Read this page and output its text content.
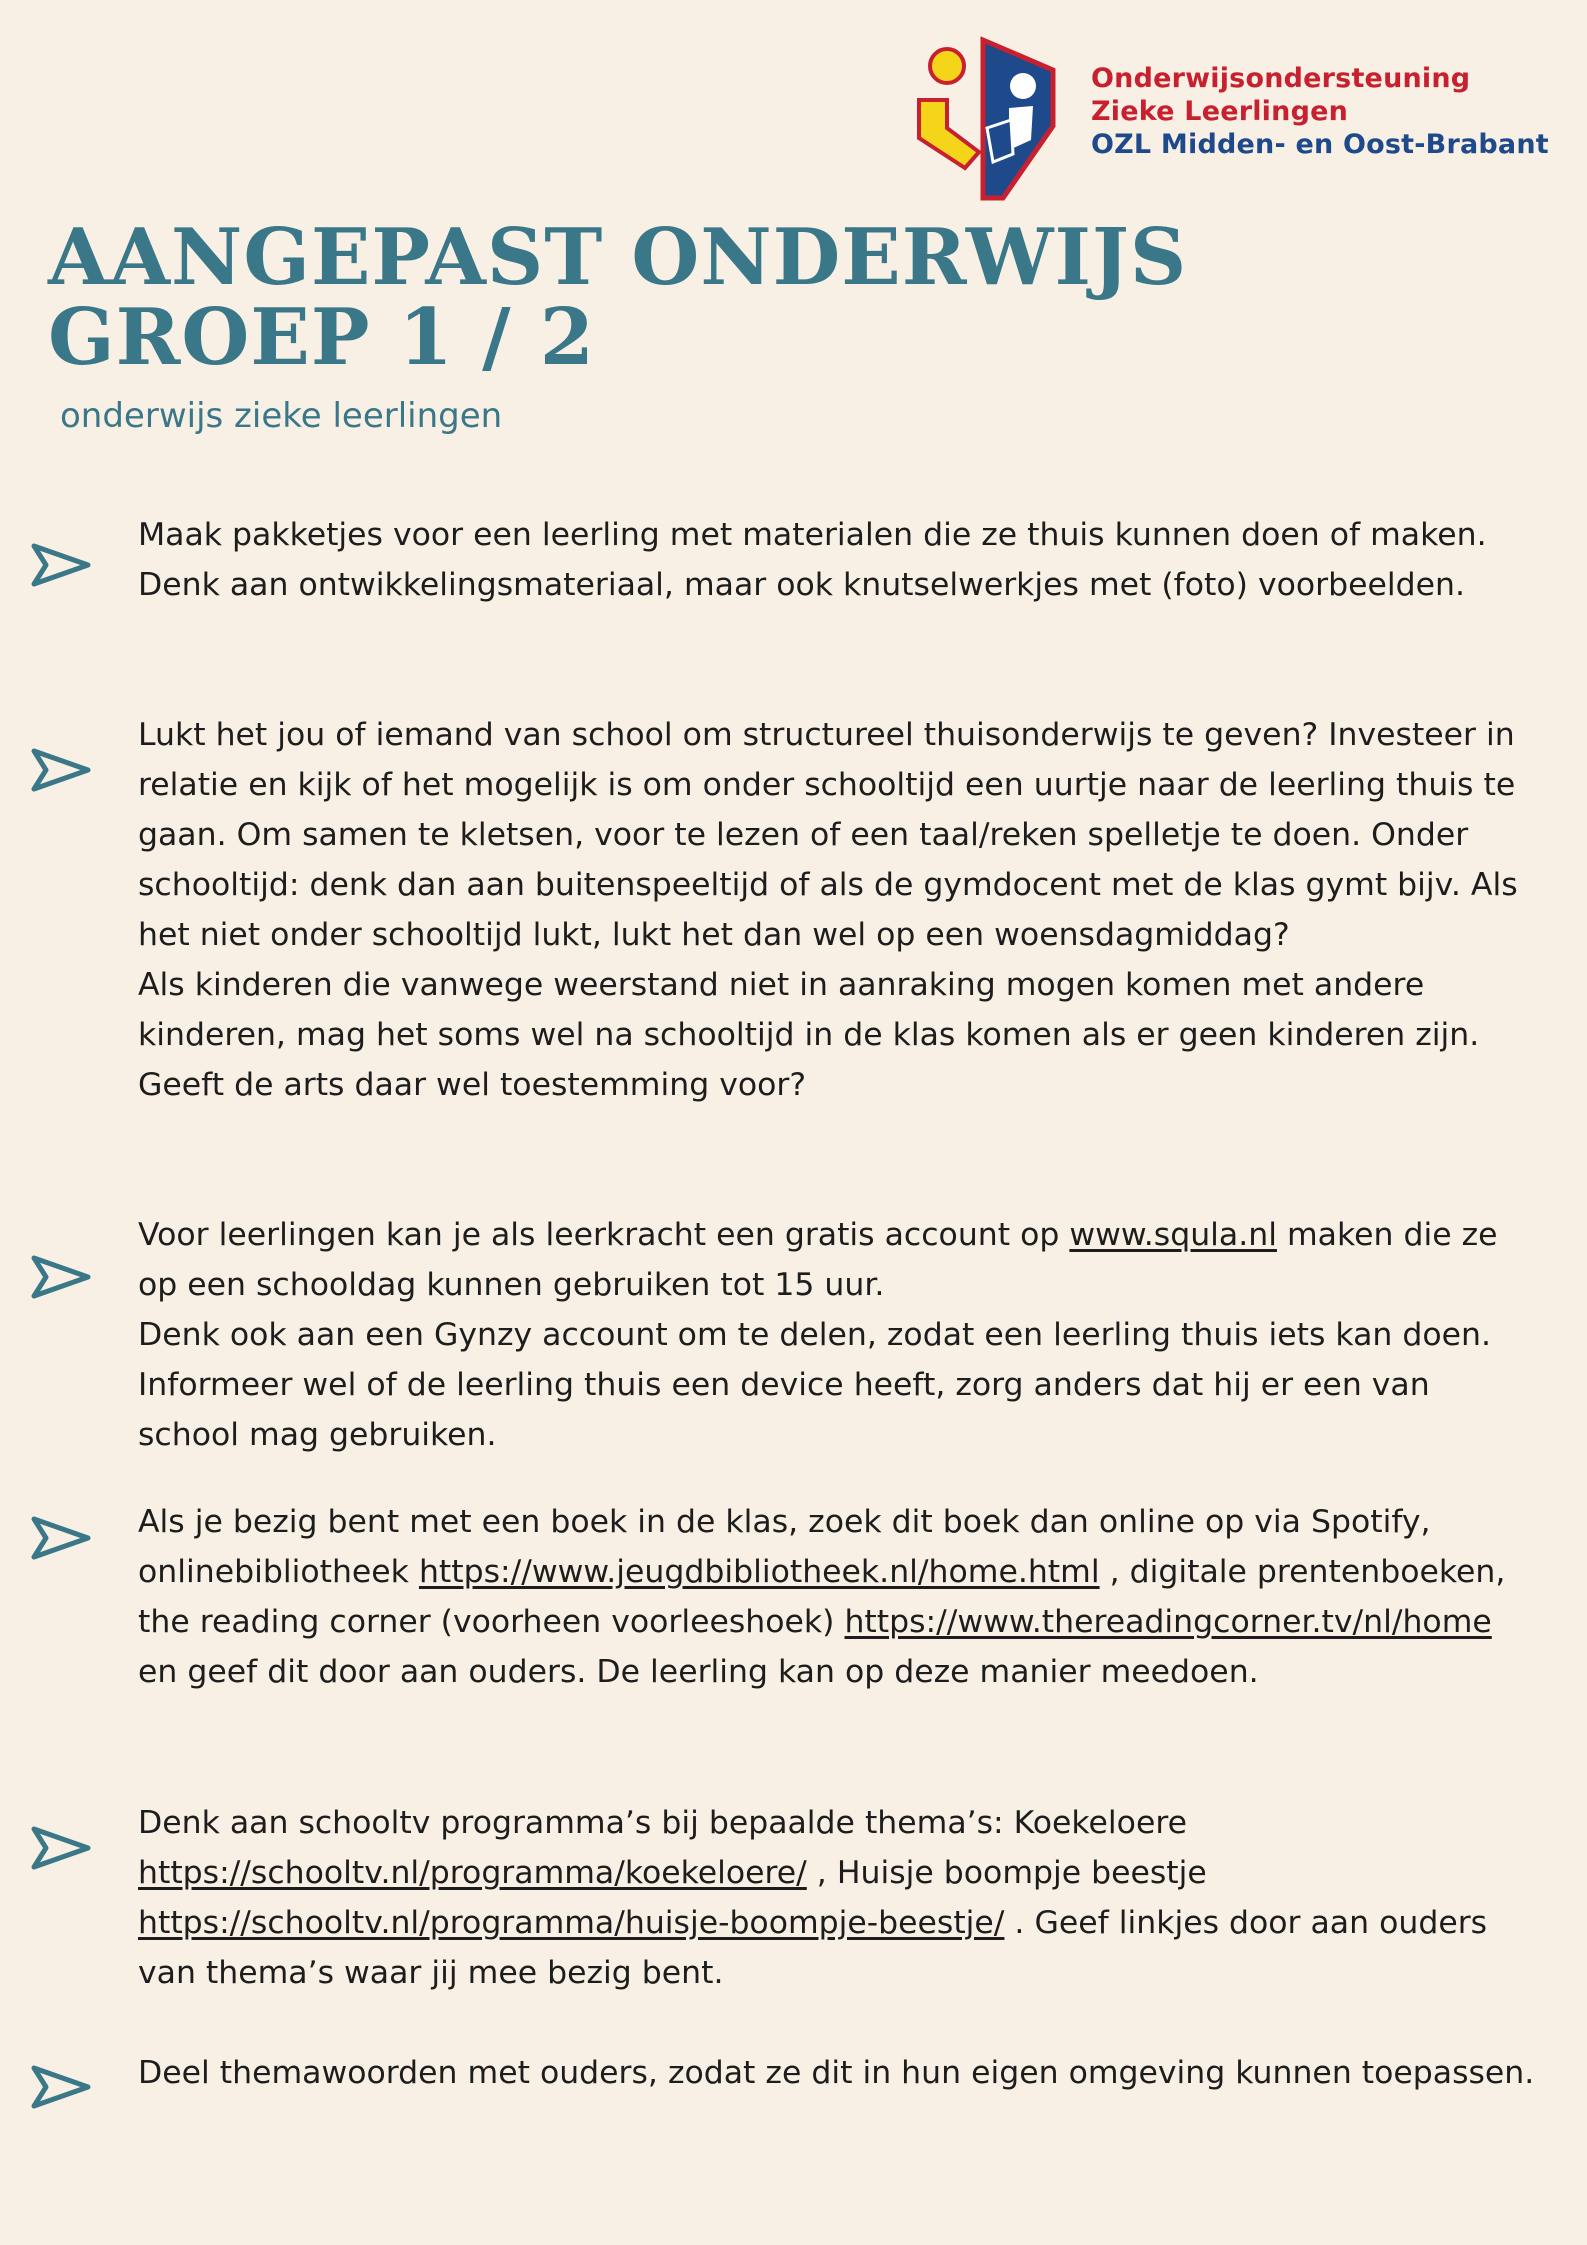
Onderwijsondersteuning
Zieke Leerlingen
OZL Midden- en Oost-Brabant
AANGEPAST ONDERWIJS
GROEP 1 / 2

onderwijs zieke leerlingen

Maak pakketjes voor een leerling met materialen die ze thuis kunnen doen of maken. Denk aan ontwikkelingsmateriaal, maar ook knutselwerkjes met (foto) voorbeelden.

Lukt het jou of iemand van school om structureel thuisonderwijs te geven? Investeer in relatie en kijk of het mogelijk is om onder schooltijd een uurtje naar de leerling thuis te gaan. Om samen te kletsen, voor te lezen of een taal/reken spelletje te doen. Onder schooltijd: denk dan aan buitenspeeltijd of als de gymdocent met de klas gymt bijv. Als het niet onder schooltijd lukt, lukt het dan wel op een woensdagmiddag?

Als kinderen die vanwege weerstand niet in aanraking mogen komen met andere kinderen, mag het soms wel na schooltijd in de klas komen als er geen kinderen zijn. Geeft de arts daar wel toestemming voor?

Voor leerlingen kan je als leerkracht een gratis account op www.squla.nl maken die ze op een schooldag kunnen gebruiken tot 15 uur.

Denk ook aan een Gynzy account om te delen, zodat een leerling thuis iets kan doen. Informeer wel of de leerling thuis een device heeft, zorg anders dat hij er een van school mag gebruiken.

Als je bezig bent met een boek in de klas, zoek dit boek dan online op via Spotify, onlinebibliotheek https://www.jeugdbibliotheek.nl/home.html , digitale prentenboeken, the reading corner (voorheen voorleeshoek) https://www.thereadingcorner.tv/nl/home en geef dit door aan ouders. De leerling kan op deze manier meedoen.

Denk aan schooltv programma’s bij bepaalde thema’s: Koekeloere https://schooltv.nl/programma/koekeloere/ , Huisje boompje beestje https://schooltv.nl/programma/huisje-boompje-beestje/ . Geef linkjes door aan ouders van thema’s waar jij mee bezig bent.

Deel themawoorden met ouders, zodat ze dit in hun eigen omgeving kunnen toepassen.
